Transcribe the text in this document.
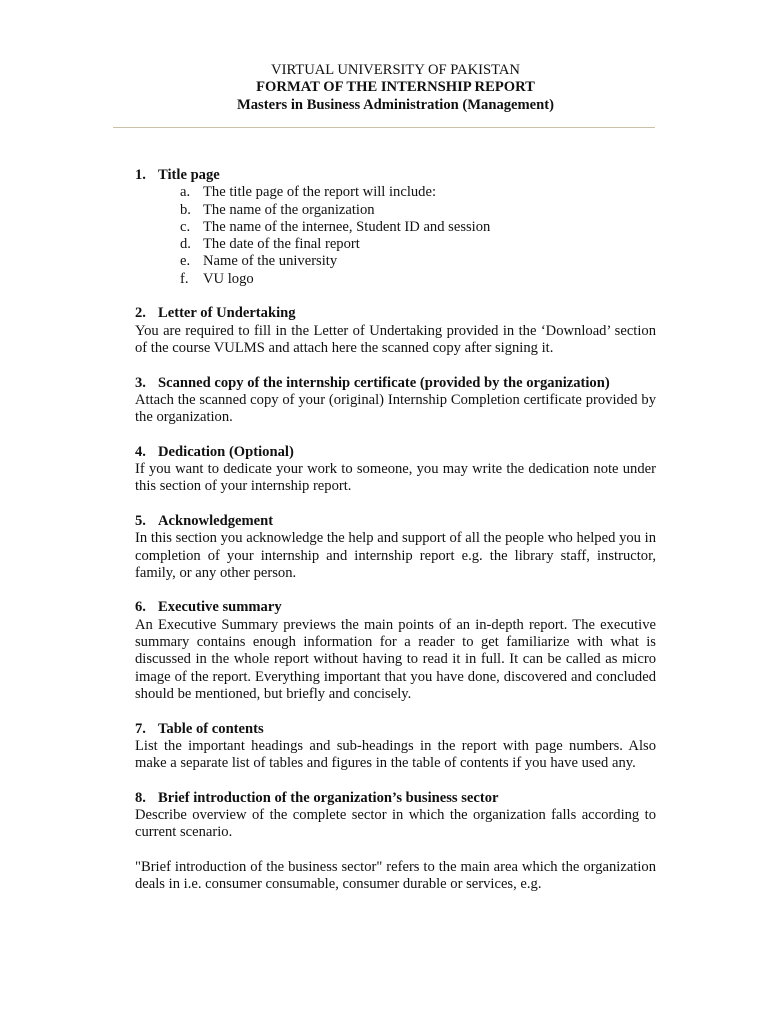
VIRTUAL UNIVERSITY OF PAKISTAN
FORMAT OF THE INTERNSHIP REPORT
Masters in Business Administration (Management)
1. Title page
a. The title page of the report will include:
b. The name of the organization
c. The name of the internee, Student ID and session
d. The date of the final report
e. Name of the university
f. VU logo
2. Letter of Undertaking
You are required to fill in the Letter of Undertaking provided in the ‘Download’ section of the course VULMS and attach here the scanned copy after signing it.
3. Scanned copy of the internship certificate (provided by the organization)
Attach the scanned copy of your (original) Internship Completion certificate provided by the organization.
4. Dedication (Optional)
If you want to dedicate your work to someone, you may write the dedication note under this section of your internship report.
5. Acknowledgement
In this section you acknowledge the help and support of all the people who helped you in completion of your internship and internship report e.g. the library staff, instructor, family, or any other person.
6. Executive summary
An Executive Summary previews the main points of an in-depth report. The executive summary contains enough information for a reader to get familiarize with what is discussed in the whole report without having to read it in full. It can be called as micro image of the report. Everything important that you have done, discovered and concluded should be mentioned, but briefly and concisely.
7. Table of contents
List the important headings and sub-headings in the report with page numbers. Also make a separate list of tables and figures in the table of contents if you have used any.
8. Brief introduction of the organization’s business sector
Describe overview of the complete sector in which the organization falls according to current scenario.
"Brief introduction of the business sector" refers to the main area which the organization deals in i.e. consumer consumable, consumer durable or services, e.g.
